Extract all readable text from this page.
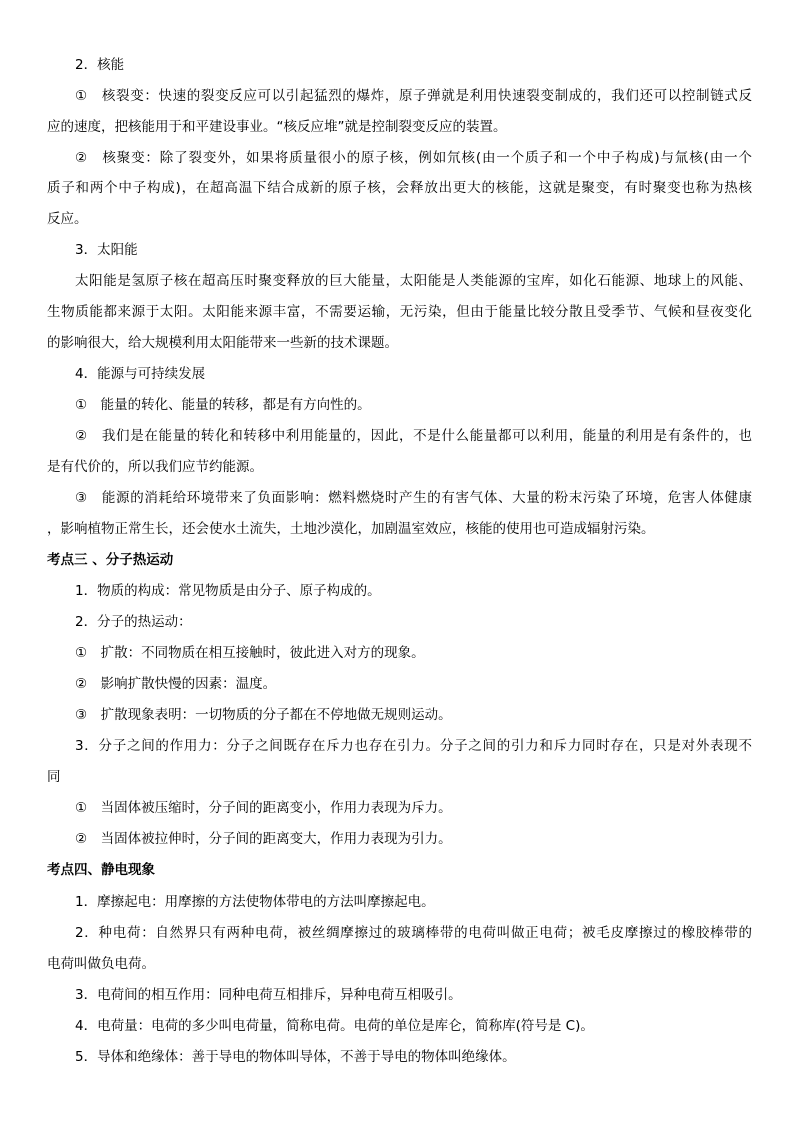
2．核能
①　核裂变：快速的裂变反应可以引起猛烈的爆炸，原子弹就是利用快速裂变制成的，我们还可以控制链式反
应的速度，把核能用于和平建设事业。“核反应堆”就是控制裂变反应的装置。
②　核聚变：除了裂变外，如果将质量很小的原子核，例如氘核(由一个质子和一个中子构成)与氚核(由一个
质子和两个中子构成)，在超高温下结合成新的原子核，会释放出更大的核能，这就是聚变，有时聚变也称为热核
反应。
3．太阳能
太阳能是氢原子核在超高压时聚变释放的巨大能量，太阳能是人类能源的宝库，如化石能源、地球上的风能、
生物质能都来源于太阳。太阳能来源丰富，不需要运输，无污染，但由于能量比较分散且受季节、气候和昼夜变化
的影响很大，给大规模利用太阳能带来一些新的技术课题。
4．能源与可持续发展
①　能量的转化、能量的转移，都是有方向性的。
②　我们是在能量的转化和转移中利用能量的，因此，不是什么能量都可以利用，能量的利用是有条件的，也
是有代价的，所以我们应节约能源。
③　能源的消耗给环境带来了负面影响：燃料燃烧时产生的有害气体、大量的粉末污染了环境，危害人体健康
，影响植物正常生长，还会使水土流失，土地沙漠化，加剧温室效应，核能的使用也可造成辐射污染。
考点三 、分子热运动
1．物质的构成：常见物质是由分子、原子构成的。
2．分子的热运动：
①　扩散：不同物质在相互接触时，彼此进入对方的现象。
②　影响扩散快慢的因素：温度。
③　扩散现象表明：一切物质的分子都在不停地做无规则运动。
3．分子之间的作用力：分子之间既存在斥力也存在引力。分子之间的引力和斥力同时存在，只是对外表现不
同
①　当固体被压缩时，分子间的距离变小，作用力表现为斥力。
②　当固体被拉伸时，分子间的距离变大，作用力表现为引力。
考点四、静电现象
1．摩擦起电：用摩擦的方法使物体带电的方法叫摩擦起电。
2．种电荷：自然界只有两种电荷，被丝绸摩擦过的玻璃棒带的电荷叫做正电荷；被毛皮摩擦过的橡胶棒带的
电荷叫做负电荷。
3．电荷间的相互作用：同种电荷互相排斥，异种电荷互相吸引。
4．电荷量：电荷的多少叫电荷量，简称电荷。电荷的单位是库仑，简称库(符号是 C)。
5．导体和绝缘体：善于导电的物体叫导体，不善于导电的物体叫绝缘体。
